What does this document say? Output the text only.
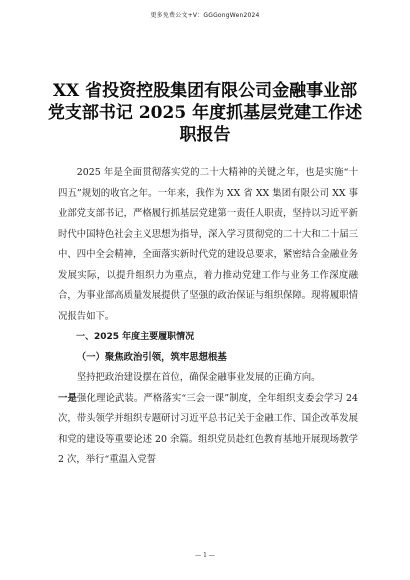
更多免费公文+V：GGGongWen2024
XX 省投资控股集团有限公司金融事业部
党支部书记 2025 年度抓基层党建工作述
职报告

2025 年是全面贯彻落实党的二十大精神的关键之年，也是实施“十四五”规划的收官之年。一年来，我作为 XX 省 XX 集团有限公司 XX 事业部党支部书记，严格履行抓基层党建第一责任人职责，坚持以习近平新时代中国特色社会主义思想为指导，深入学习贯彻党的二十大和二十届三中、四中全会精神，全面落实新时代党的建设总要求，紧密结合金融业务发展实际，以提升组织力为重点，着力推动党建工作与业务工作深度融合，为事业部高质量发展提供了坚强的政治保证与组织保障。现将履职情况报告如下。

一、2025 年度主要履职情况

（一）聚焦政治引领，筑牢思想根基

坚持把政治建设摆在首位，确保金融事业发展的正确方向。

一是强化理论武装。严格落实“三会一课”制度，全年组织支委会学习 24 次，带头领学并组织专题研讨习近平总书记关于金融工作、国企改革发展和党的建设等重要论述 20 余篇。组织党员赴红色教育基地开展现场教学 2 次，举行“重温入党誓

— 1 —
